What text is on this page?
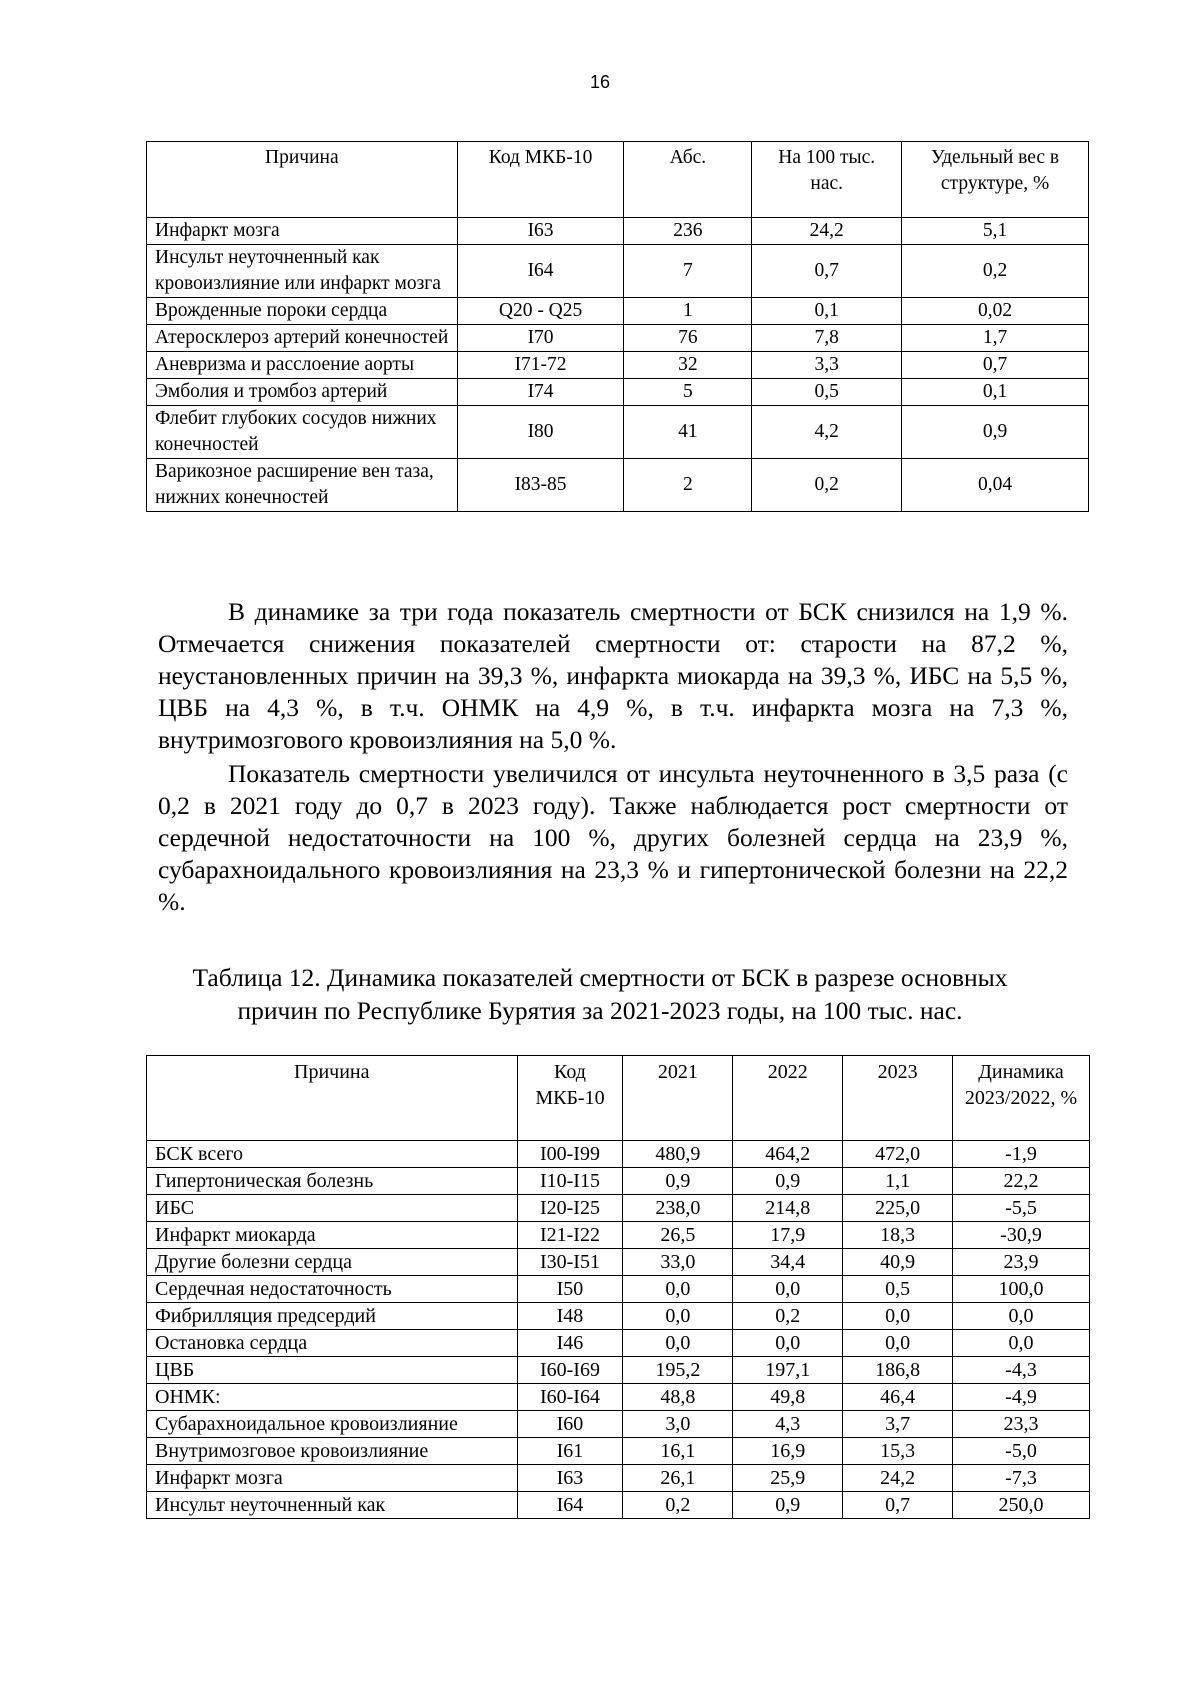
16
Причина	Код МКБ-10	Абс.	На 100 тыс. нас.	Удельный вес в структуре, %
Инфаркт мозга	I63	236	24,2	5,1
Инсульт неуточненный как кровоизлияние или инфаркт мозга	I64	7	0,7	0,2
Врожденные пороки сердца	Q20 - Q25	1	0,1	0,02
Атеросклероз артерий конечностей	I70	76	7,8	1,7
Аневризма и расслоение аорты	I71-72	32	3,3	0,7
Эмболия и тромбоз артерий	I74	5	0,5	0,1
Флебит глубоких сосудов нижних конечностей	I80	41	4,2	0,9
Варикозное расширение вен таза, нижних конечностей	I83-85	2	0,2	0,04
В динамике за три года показатель смертности от БСК снизился на 1,9 %. Отмечается снижения показателей смертности от: старости на 87,2 %, неустановленных причин на 39,3 %, инфаркта миокарда на 39,3 %, ИБС на 5,5 %, ЦВБ на 4,3 %, в т.ч. ОНМК на 4,9 %, в т.ч. инфаркта мозга на 7,3 %, внутримозгового кровоизлияния на 5,0 %.
Показатель смертности увеличился от инсульта неуточненного в 3,5 раза (с 0,2 в 2021 году до 0,7 в 2023 году). Также наблюдается рост смертности от сердечной недостаточности на 100 %, других болезней сердца на 23,9 %, субарахноидального кровоизлияния на 23,3 % и гипертонической болезни на 22,2 %.
Таблица 12. Динамика показателей смертности от БСК в разрезе основных
причин по Республике Бурятия за 2021-2023 годы, на 100 тыс. нас.
Причина	Код МКБ-10	2021	2022	2023	Динамика 2023/2022, %
БСК всего	I00-I99	480,9	464,2	472,0	-1,9
Гипертоническая болезнь	I10-I15	0,9	0,9	1,1	22,2
ИБС	I20-I25	238,0	214,8	225,0	-5,5
Инфаркт миокарда	I21-I22	26,5	17,9	18,3	-30,9
Другие болезни сердца	I30-I51	33,0	34,4	40,9	23,9
Сердечная недостаточность	I50	0,0	0,0	0,5	100,0
Фибрилляция предсердий	I48	0,0	0,2	0,0	0,0
Остановка сердца	I46	0,0	0,0	0,0	0,0
ЦВБ	I60-I69	195,2	197,1	186,8	-4,3
ОНМК:	I60-I64	48,8	49,8	46,4	-4,9
Субарахноидальное кровоизлияние	I60	3,0	4,3	3,7	23,3
Внутримозговое кровоизлияние	I61	16,1	16,9	15,3	-5,0
Инфаркт мозга	I63	26,1	25,9	24,2	-7,3
Инсульт неуточненный как	I64	0,2	0,9	0,7	250,0
